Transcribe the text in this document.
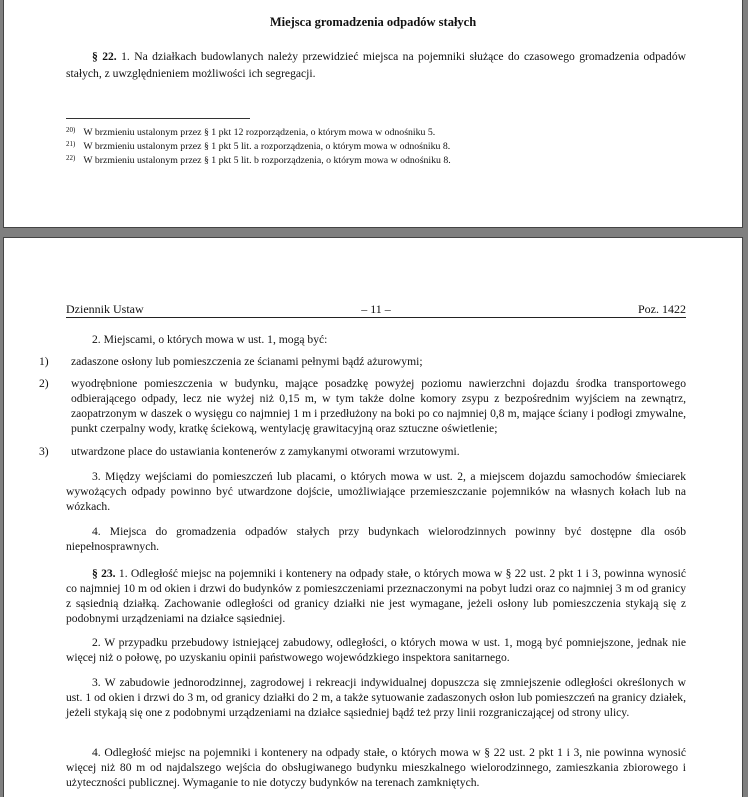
Miejsca gromadzenia odpadów stałych
§ 22. 1. Na działkach budowlanych należy przewidzieć miejsca na pojemniki służące do czasowego gromadzenia odpadów stałych, z uwzględnieniem możliwości ich segregacji.
$^{20)}$ W brzmieniu ustalonym przez § 1 pkt 12 rozporządzenia, o którym mowa w odnośniku 5.
$^{21)}$ W brzmieniu ustalonym przez § 1 pkt 5 lit. a rozporządzenia, o którym mowa w odnośniku 8.
$^{22)}$ W brzmieniu ustalonym przez § 1 pkt 5 lit. b rozporządzenia, o którym mowa w odnośniku 8.
Dziennik Ustaw	– 11 –	Poz. 1422
2. Miejscami, o których mowa w ust. 1, mogą być:
1) zadaszone osłony lub pomieszczenia ze ścianami pełnymi bądź ażurowymi;
2) wyodrębnione pomieszczenia w budynku, mające posadzkę powyżej poziomu nawierzchni dojazdu środka transportowego odbierającego odpady, lecz nie wyżej niż 0,15 m, w tym także dolne komory zsypu z bezpośrednim wyjściem na zewnątrz, zaopatrzonym w daszek o wysięgu co najmniej 1 m i przedłużony na boki po co najmniej 0,8 m, mające ściany i podłogi zmywalne, punkt czerpalny wody, kratkę ściekową, wentylację grawitacyjną oraz sztuczne oświetlenie;
3) utwardzone place do ustawiania kontenerów z zamykanymi otworami wrzutowymi.
3. Między wejściami do pomieszczeń lub placami, o których mowa w ust. 2, a miejscem dojazdu samochodów śmieciarek wywożących odpady powinno być utwardzone dojście, umożliwiające przemieszczanie pojemników na własnych kołach lub na wózkach.
4. Miejsca do gromadzenia odpadów stałych przy budynkach wielorodzinnych powinny być dostępne dla osób niepełnosprawnych.
§ 23. 1. Odległość miejsc na pojemniki i kontenery na odpady stałe, o których mowa w § 22 ust. 2 pkt 1 i 3, powinna wynosić co najmniej 10 m od okien i drzwi do budynków z pomieszczeniami przeznaczonymi na pobyt ludzi oraz co najmniej 3 m od granicy z sąsiednią działką. Zachowanie odległości od granicy działki nie jest wymagane, jeżeli osłony lub pomieszczenia stykają się z podobnymi urządzeniami na działce sąsiedniej.
2. W przypadku przebudowy istniejącej zabudowy, odległości, o których mowa w ust. 1, mogą być pomniejszone, jednak nie więcej niż o połowę, po uzyskaniu opinii państwowego wojewódzkiego inspektora sanitarnego.
3. W zabudowie jednorodzinnej, zagrodowej i rekreacji indywidualnej dopuszcza się zmniejszenie odległości określonych w ust. 1 od okien i drzwi do 3 m, od granicy działki do 2 m, a także sytuowanie zadaszonych osłon lub pomieszczeń na granicy działek, jeżeli stykają się one z podobnymi urządzeniami na działce sąsiedniej bądź też przy linii rozgraniczającej od strony ulicy.
4. Odległość miejsc na pojemniki i kontenery na odpady stałe, o których mowa w § 22 ust. 2 pkt 1 i 3, nie powinna wynosić więcej niż 80 m od najdalszego wejścia do obsługiwanego budynku mieszkalnego wielorodzinnego, zamieszkania zbiorowego i użyteczności publicznej. Wymaganie to nie dotyczy budynków na terenach zamkniętych.
